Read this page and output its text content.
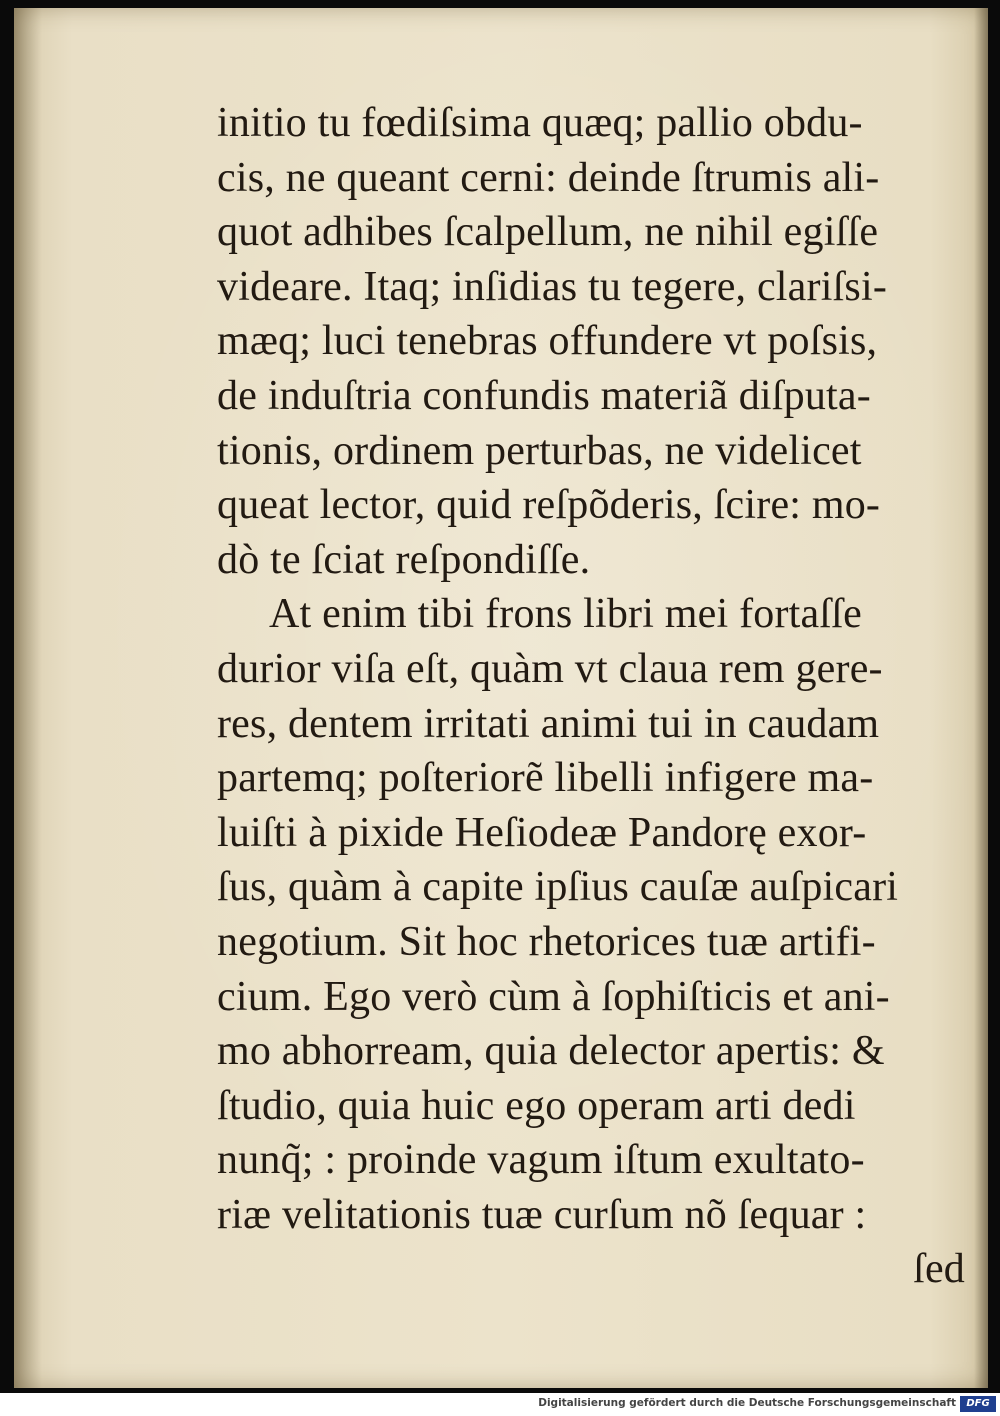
initio tu fœdiſsima quæq; pallio obdu-
cis, ne queant cerni: deinde ſtrumis ali-
quot adhibes ſcalpellum, ne nihil egiſſe
videare. Itaq; inſidias tu tegere, clariſsi-
mæq; luci tenebras offundere vt poſsis,
de induſtria confundis materiã diſputa-
tionis, ordinem perturbas, ne videlicet
queat lector, quid reſpõderis, ſcire: mo-
dò te ſciat reſpondiſſe.
At enim tibi frons libri mei fortaſſe
durior viſa eſt, quàm vt claua rem gere-
res, dentem irritati animi tui in caudam
partemq; poſteriorẽ libelli infigere ma-
luiſti à pixide Heſiodeæ Pandorę exor-
ſus, quàm à capite ipſius cauſæ auſpicari
negotium. Sit hoc rhetorices tuæ artifi-
cium. Ego verò cùm à ſophiſticis et ani-
mo abhorream, quia delector apertis: &
ſtudio, quia huic ego operam arti dedi
nunq̃; : proinde vagum iſtum exultato-
riæ velitationis tuæ curſum nõ ſequar :
ſed
Digitalisierung gefördert durch die Deutsche Forschungsgemeinschaft	DFG
